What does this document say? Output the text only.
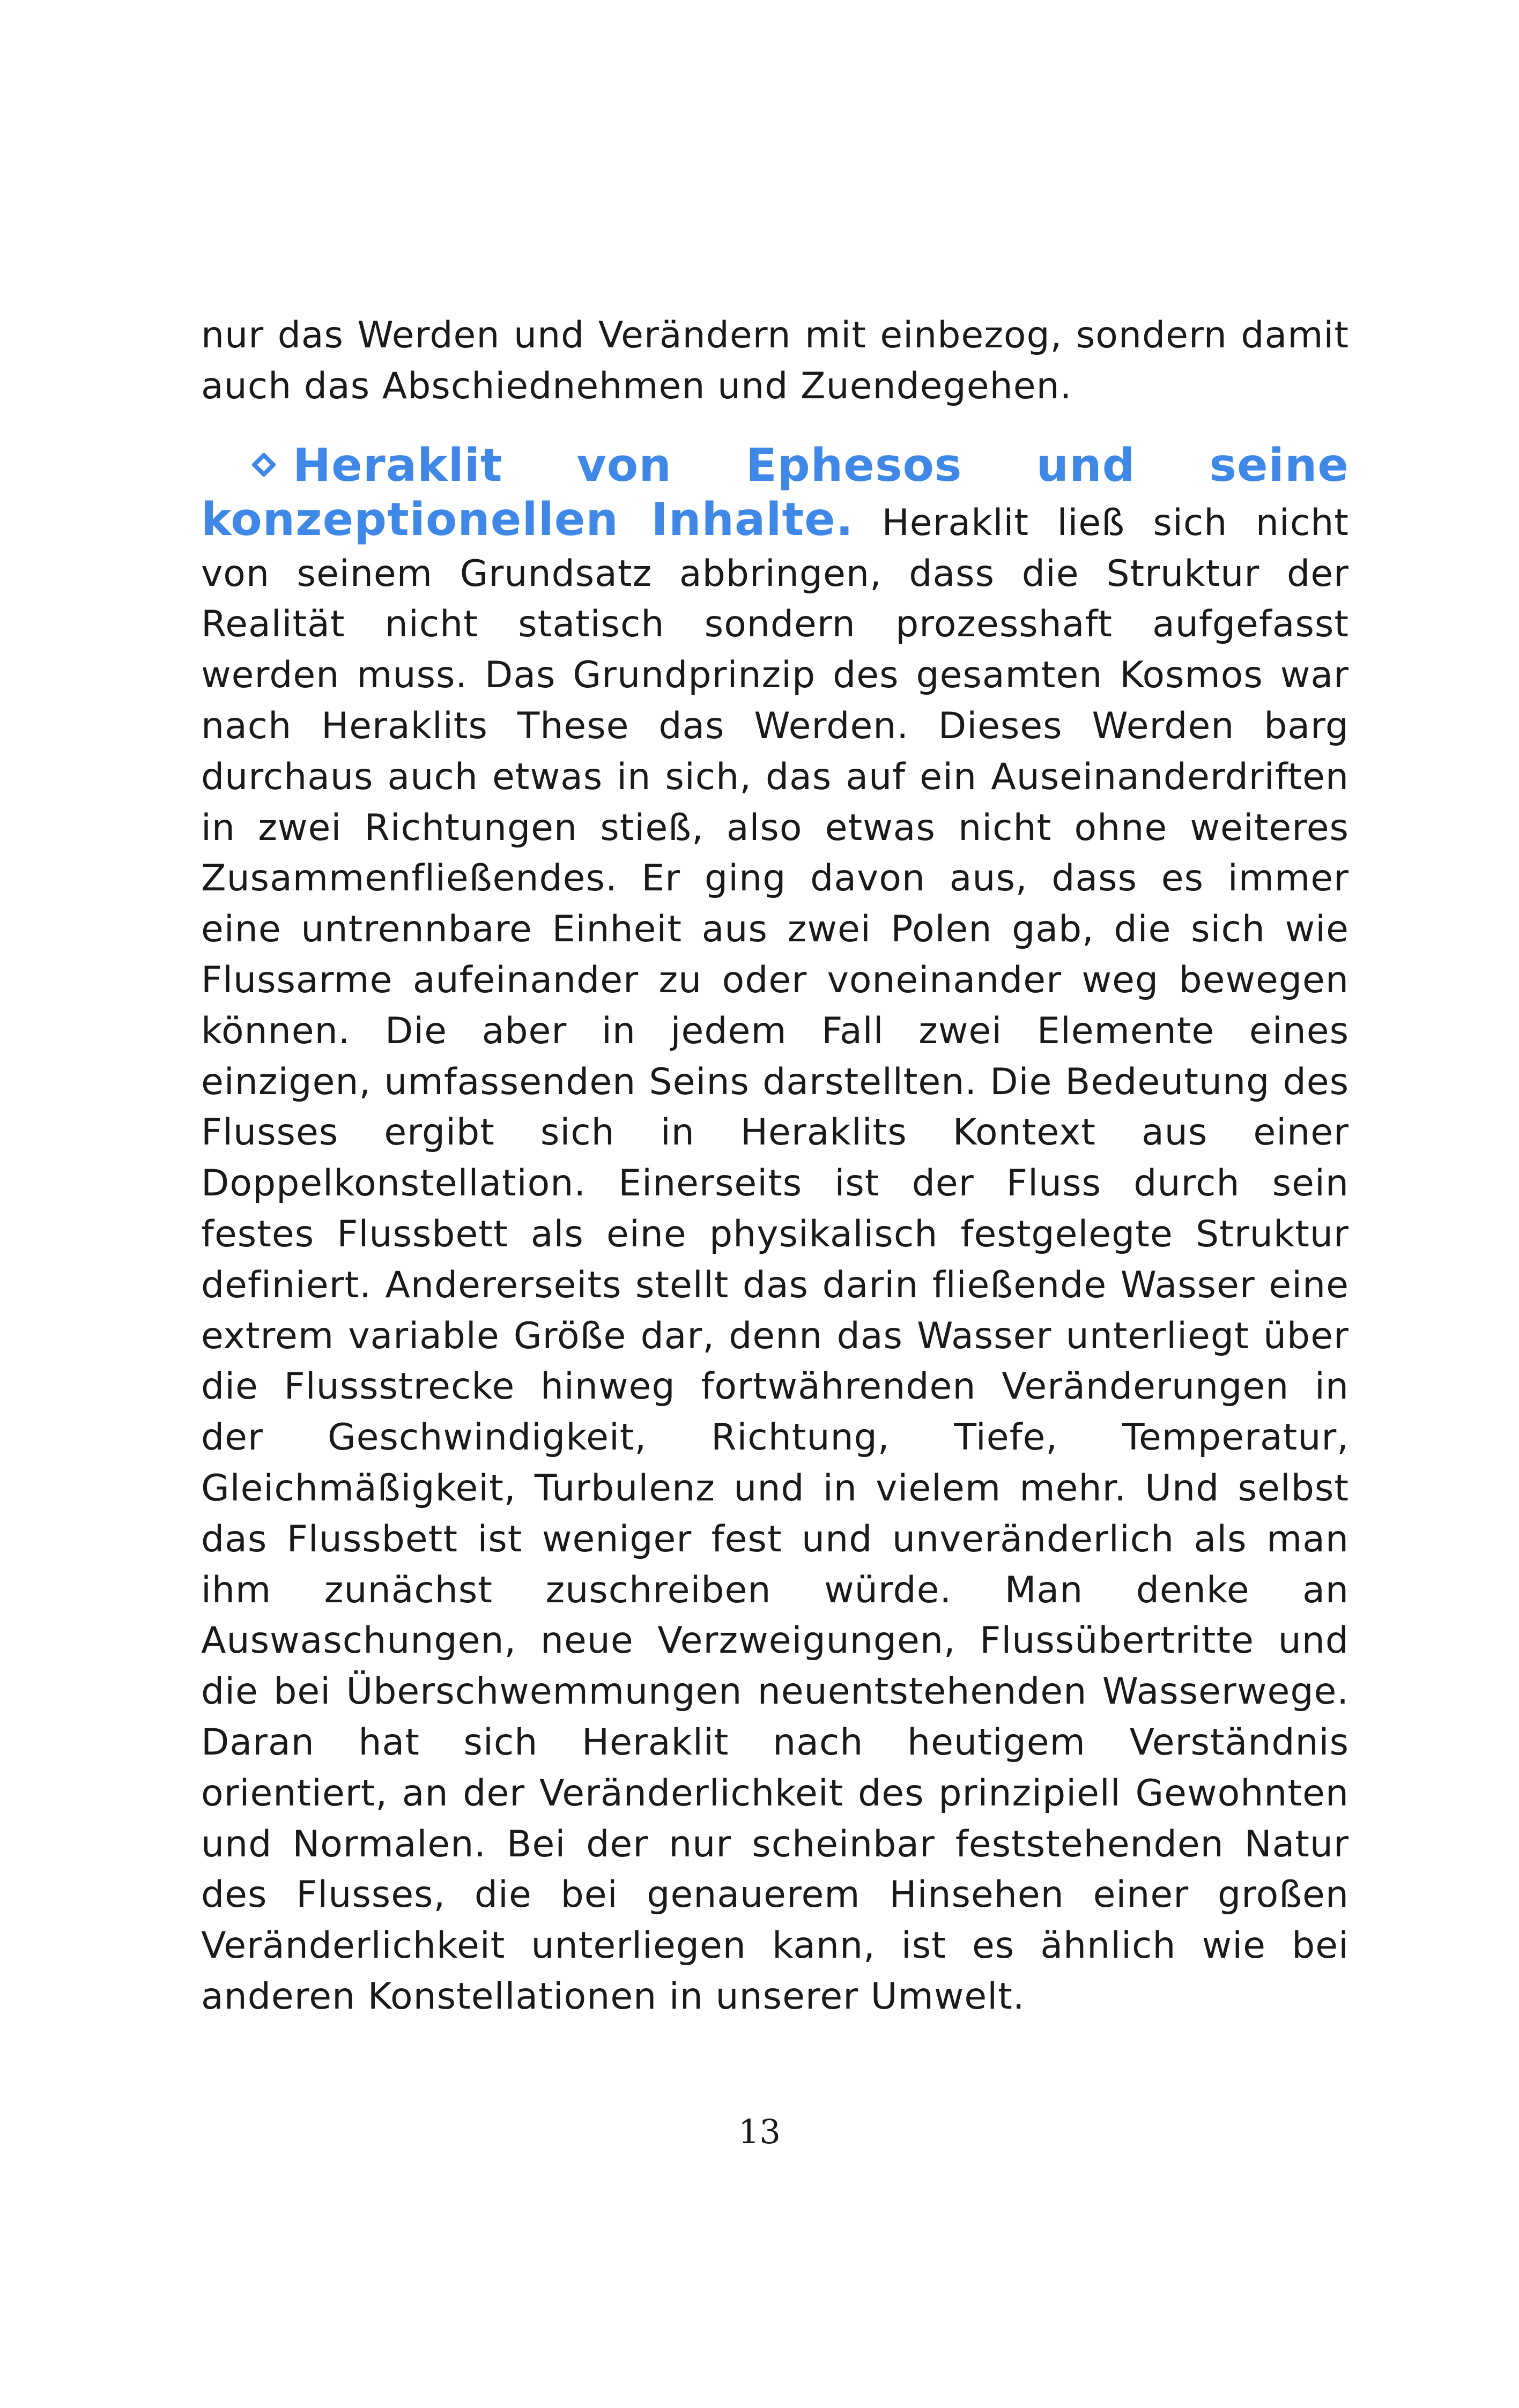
nur das Werden und Verändern mit einbezog, sondern damit auch das Abschiednehmen und Zuendegehen.

Heraklit von Ephesos und seine konzeptionellen Inhalte. Heraklit ließ sich nicht von seinem Grundsatz abbringen, dass die Struktur der Realität nicht statisch sondern prozesshaft aufgefasst werden muss. Das Grundprinzip des gesamten Kosmos war nach Heraklits These das Werden. Dieses Werden barg durchaus auch etwas in sich, das auf ein Auseinanderdriften in zwei Richtungen stieß, also etwas nicht ohne weiteres Zusammenfließendes. Er ging davon aus, dass es immer eine untrennbare Einheit aus zwei Polen gab, die sich wie Flussarme aufeinander zu oder voneinander weg bewegen können. Die aber in jedem Fall zwei Elemente eines einzigen, umfassenden Seins darstellten. Die Bedeutung des Flusses ergibt sich in Heraklits Kontext aus einer Doppelkonstellation. Einerseits ist der Fluss durch sein festes Flussbett als eine physikalisch festgelegte Struktur definiert. Andererseits stellt das darin fließende Wasser eine extrem variable Größe dar, denn das Wasser unterliegt über die Flussstrecke hinweg fortwährenden Veränderungen in der Geschwindigkeit, Richtung, Tiefe, Temperatur, Gleichmäßigkeit, Turbulenz und in vielem mehr. Und selbst das Flussbett ist weniger fest und unveränderlich als man ihm zunächst zuschreiben würde. Man denke an Auswaschungen, neue Verzweigungen, Flussübertritte und die bei Überschwemmungen neuentstehenden Wasserwege. Daran hat sich Heraklit nach heutigem Verständnis orientiert, an der Veränderlichkeit des prinzipiell Gewohnten und Normalen. Bei der nur scheinbar feststehenden Natur des Flusses, die bei genauerem Hinsehen einer großen Veränderlichkeit unterliegen kann, ist es ähnlich wie bei anderen Konstellationen in unserer Umwelt.

13
